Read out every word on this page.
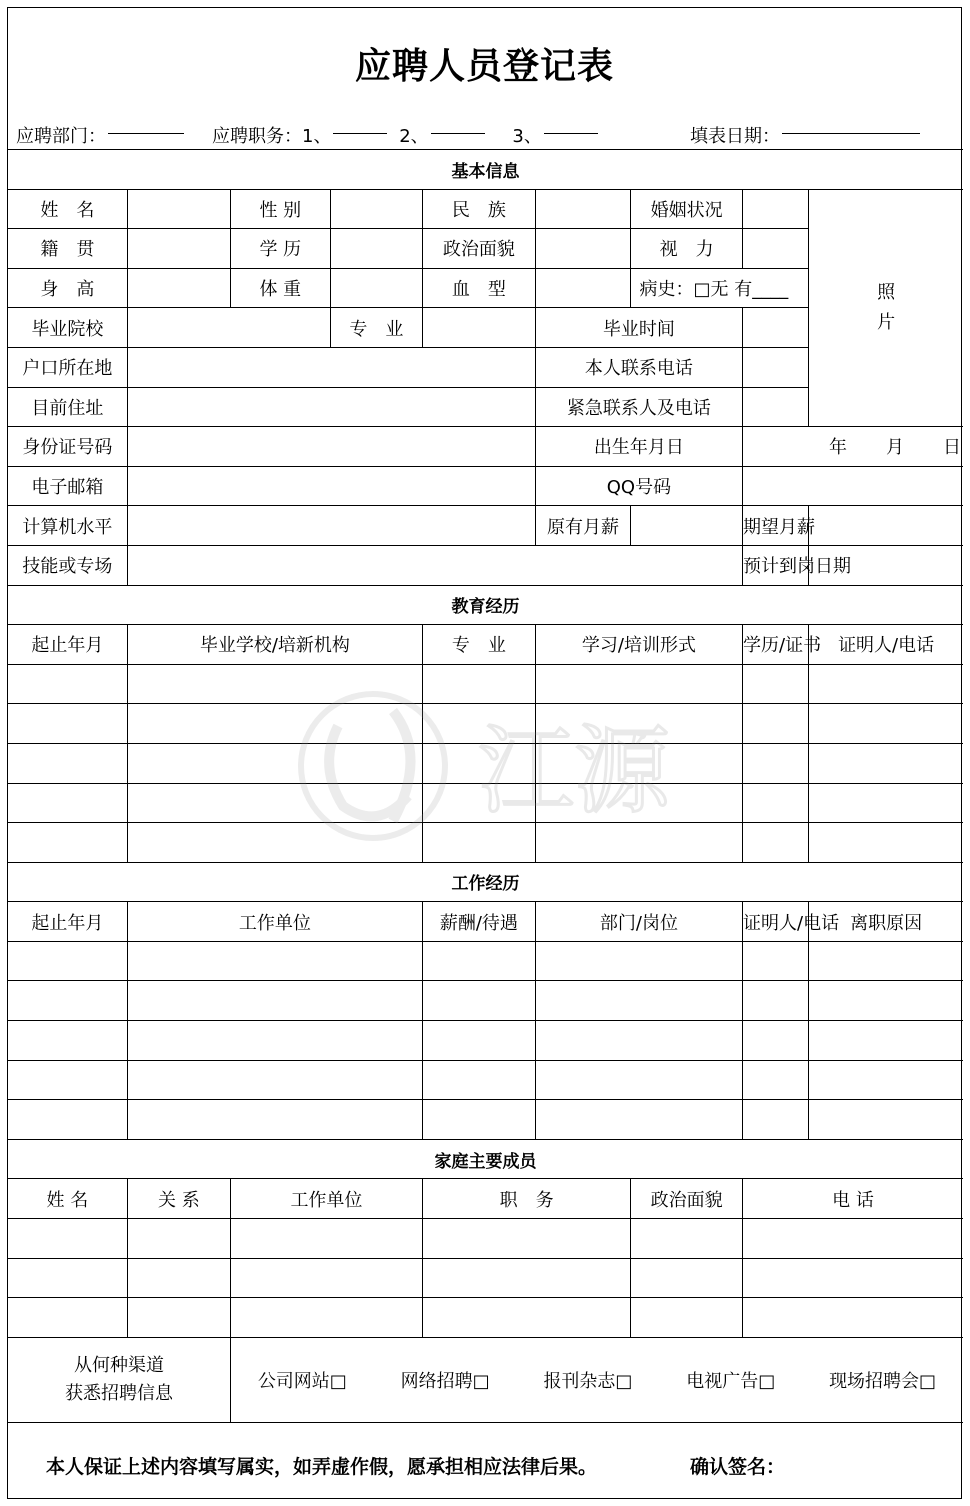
应聘人员登记表
应聘部门：	应聘职务：1、	2、	3、	填表日期：
基本信息								
姓　名		性 别		民　族		婚姻状况		照
片
籍　贯		学 历		政治面貌		视　力		
身　高		体 重		血　型		病史：□无 有____		
毕业院校			专　业		毕业时间			
户口所在地					本人联系电话			
目前住址					紧急联系人及电话			
身份证号码					出生年月日		年 月 日	

电子邮箱					QQ号码			
计算机水平					原有月薪		期望月薪	
技能或专场							预计到岗日期	
教育经历								
起止年月	毕业学校/培新机构			专　业	学习/培训形式		学历/证书	证明人/电话

工作经历								
起止年月	工作单位			薪酬/待遇	部门/岗位		证明人/电话	离职原因

家庭主要成员								
姓 名	关 系	工作单位		职　务		政治面貌	电 话	

从何种渠道
获悉招聘信息		公司网站□ 网络招聘□ 报刊杂志□ 电视广告□ 现场招聘会□						
江源
本人保证上述内容填写属实，如弄虚作假，愿承担相应法律后果。	确认签名：
